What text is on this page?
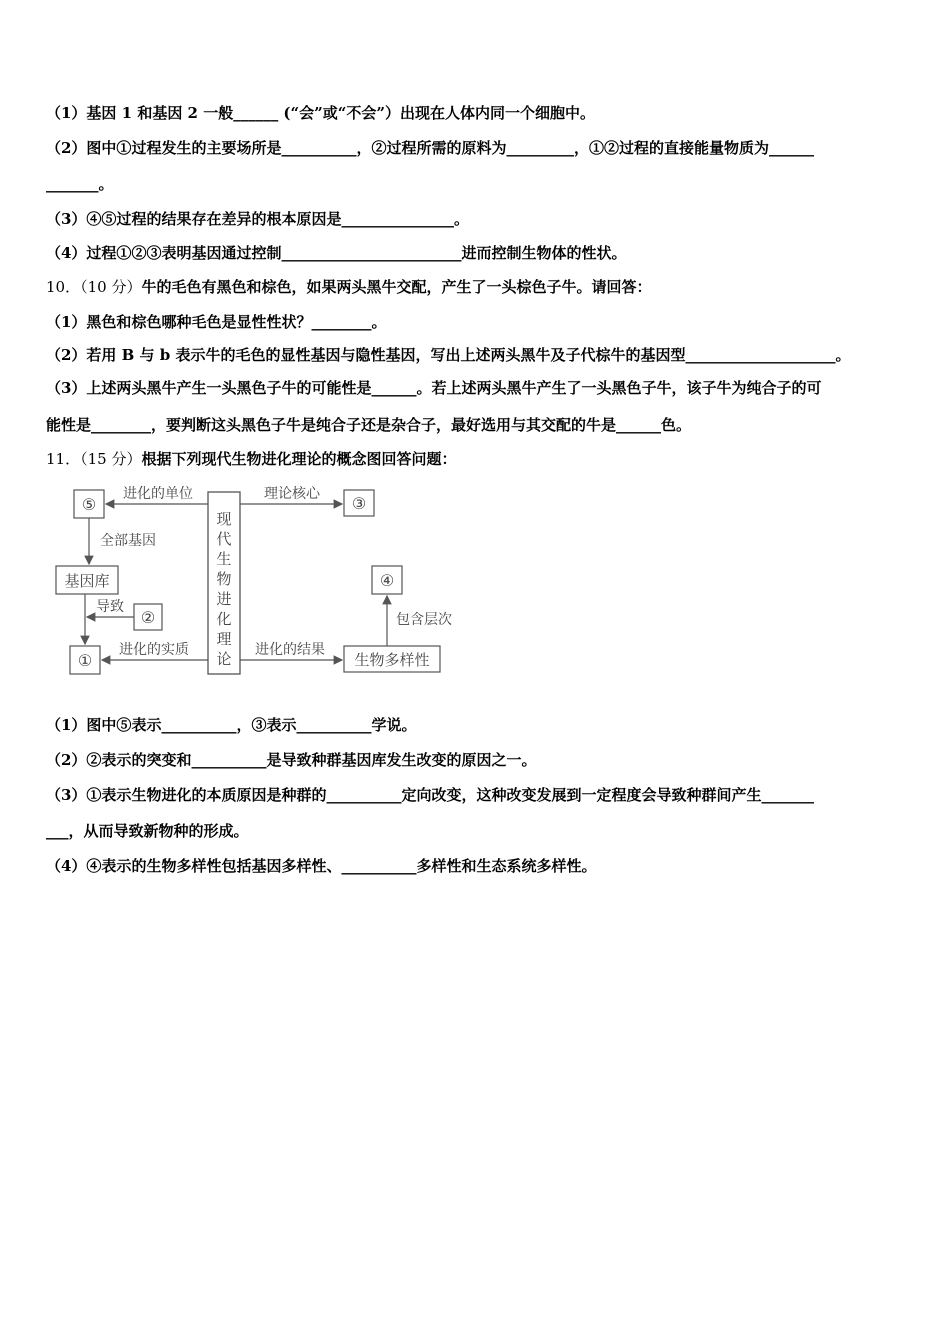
（1）基因 1 和基因 2 一般______ (“会”或“不会”）出现在人体内同一个细胞中。
（2）图中①过程发生的主要场所是__________，②过程所需的原料为_________，①②过程的直接能量物质为______
_______。
（3）④⑤过程的结果存在差异的根本原因是_______________。
（4）过程①②③表明基因通过控制________________________进而控制生物体的性状。
10．（10 分）牛的毛色有黑色和棕色，如果两头黑牛交配，产生了一头棕色子牛。请回答：
（1）黑色和棕色哪种毛色是显性性状？________。
（2）若用 B 与 b 表示牛的毛色的显性基因与隐性基因，写出上述两头黑牛及子代棕牛的基因型____________________。
（3）上述两头黑牛产生一头黑色子牛的可能性是______。若上述两头黑牛产生了一头黑色子牛，该子牛为纯合子的可
能性是________，要判断这头黑色子牛是纯合子还是杂合子，最好选用与其交配的牛是______色。
11．（15 分）根据下列现代生物进化理论的概念图回答问题：
现
代
生
物
进
化
理
论
⑤	③
基因库
②
①
④
生物多样性
进化的单位	理论核心
全部基因
导致
进化的实质	进化的结果
包含层次
（1）图中⑤表示__________，③表示__________学说。
（2）②表示的突变和__________是导致种群基因库发生改变的原因之一。
（3）①表示生物进化的本质原因是种群的__________定向改变，这种改变发展到一定程度会导致种群间产生_______
___，从而导致新物种的形成。
（4）④表示的生物多样性包括基因多样性、__________多样性和生态系统多样性。
